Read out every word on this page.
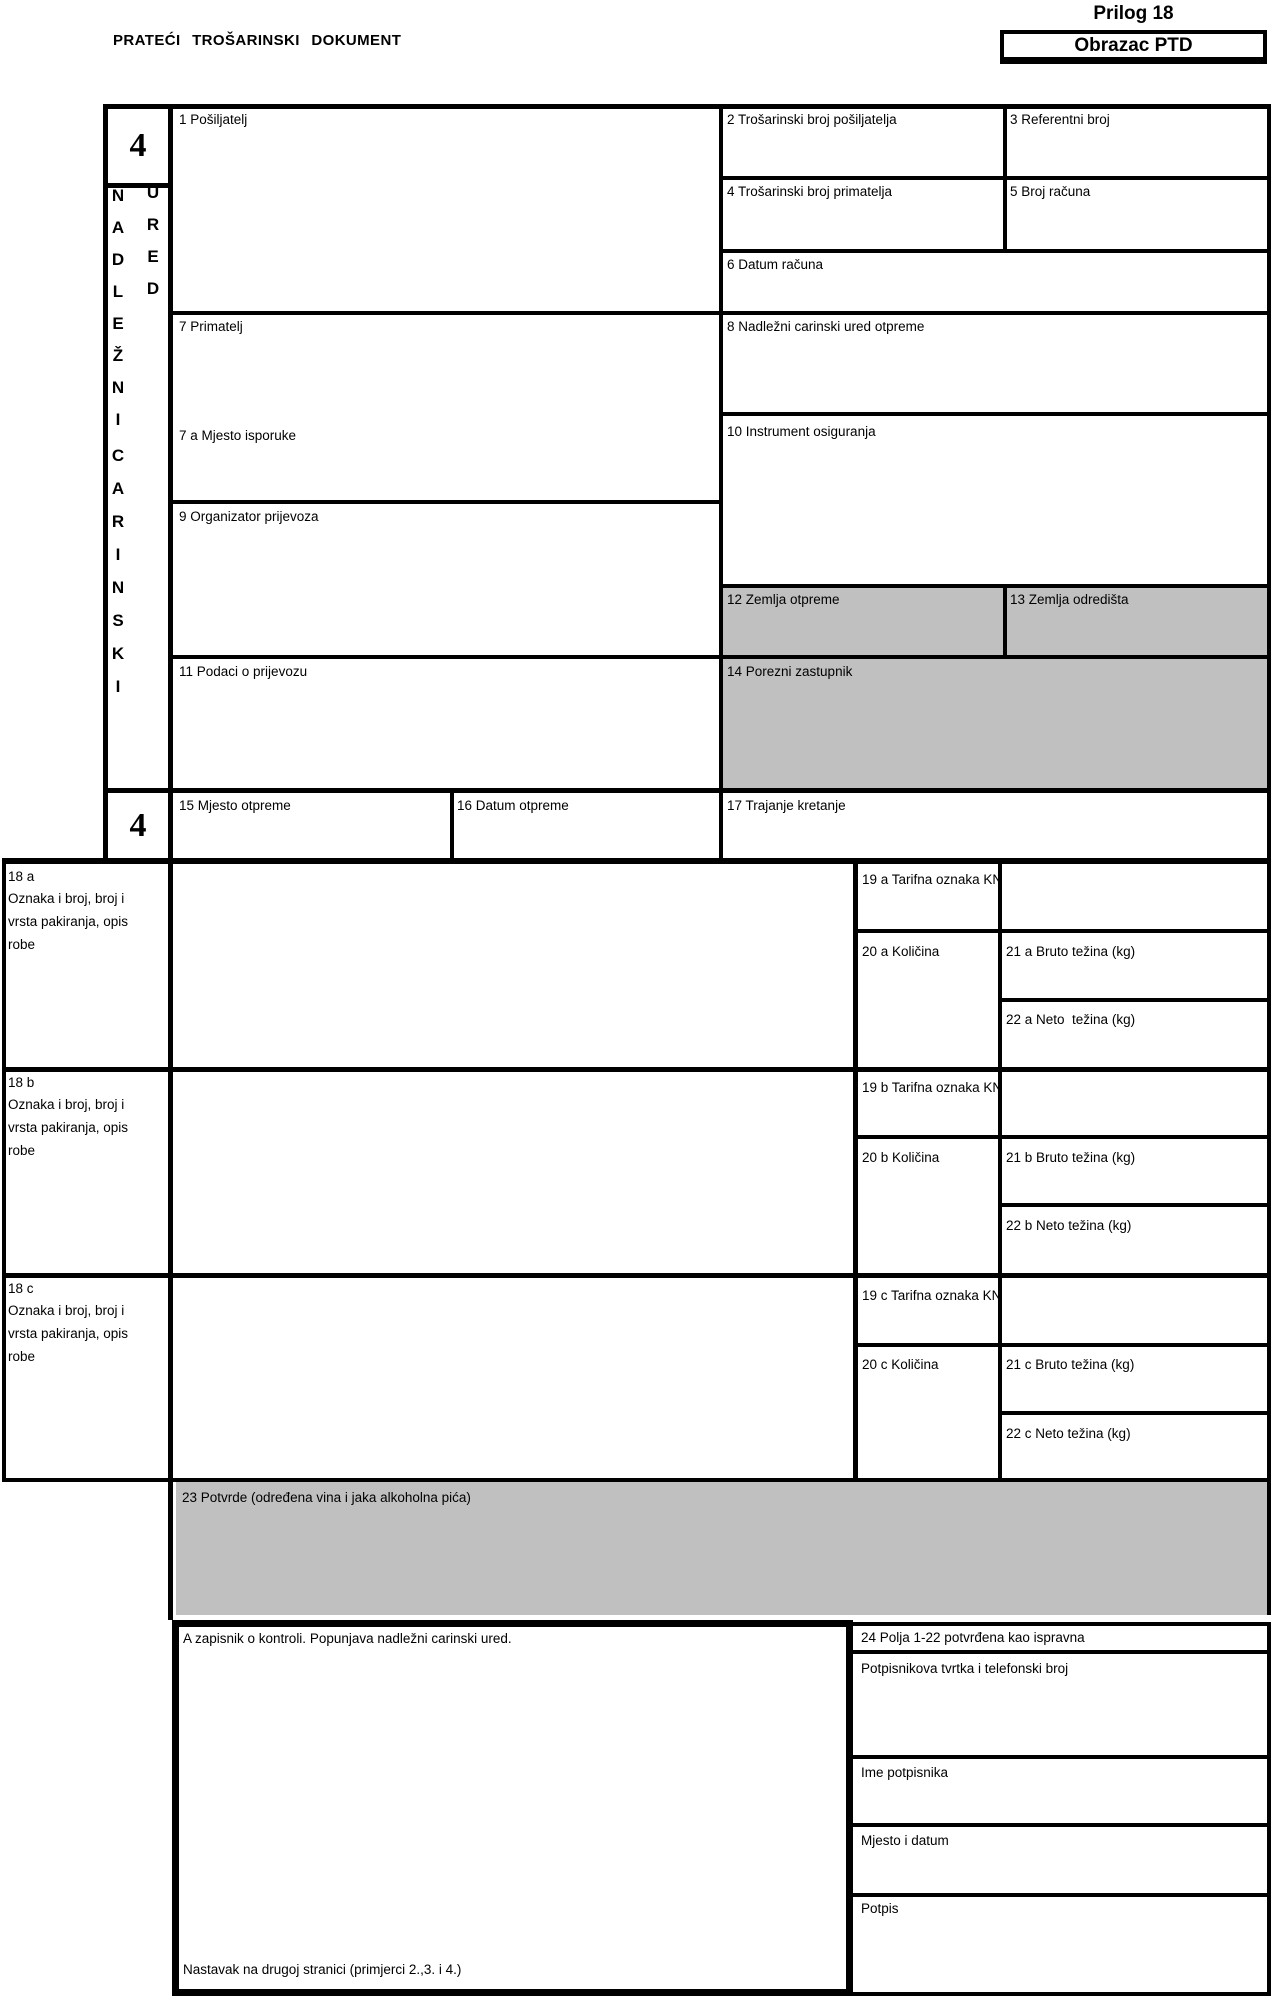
PRATEĆI TROŠARINSKI DOKUMENT
Prilog 18
Obrazac PTD
4
4
N
A
D
L
E
Ž
N
I
C
A
R
I
N
S
K
I
U
R
E
D
1 Pošiljatelj	2 Trošarinski broj pošiljatelja	3 Referentni broj
4 Trošarinski broj primatelja	5 Broj računa
6 Datum računa
7 Primatelj
7 a Mjesto isporuke
8 Nadležni carinski ured otpreme
9 Organizator prijevoza
10 Instrument osiguranja
11 Podaci o prijevozu
12 Zemlja otpreme	13 Zemlja odredišta
14 Porezni zastupnik
15 Mjesto otpreme	16 Datum otpreme	17 Trajanje kretanje
18 a
Oznaka i broj, broj i
vrsta pakiranja, opis
robe
19 a Tarifna oznaka KN
20 a Količina	21 a Bruto težina (kg)
22 a Neto  težina (kg)
18 b
Oznaka i broj, broj i
vrsta pakiranja, opis
robe
19 b Tarifna oznaka KN
20 b Količina	21 b Bruto težina (kg)
22 b Neto težina (kg)
18 c
Oznaka i broj, broj i
vrsta pakiranja, opis
robe
19 c Tarifna oznaka KN
20 c Količina	21 c Bruto težina (kg)
22 c Neto težina (kg)
23 Potvrde (određena vina i jaka alkoholna pića)
A zapisnik o kontroli. Popunjava nadležni carinski ured.
Nastavak na drugoj stranici (primjerci 2.,3. i 4.)
24 Polja 1-22 potvrđena kao ispravna
Potpisnikova tvrtka i telefonski broj
Ime potpisnika
Mjesto i datum
Potpis
